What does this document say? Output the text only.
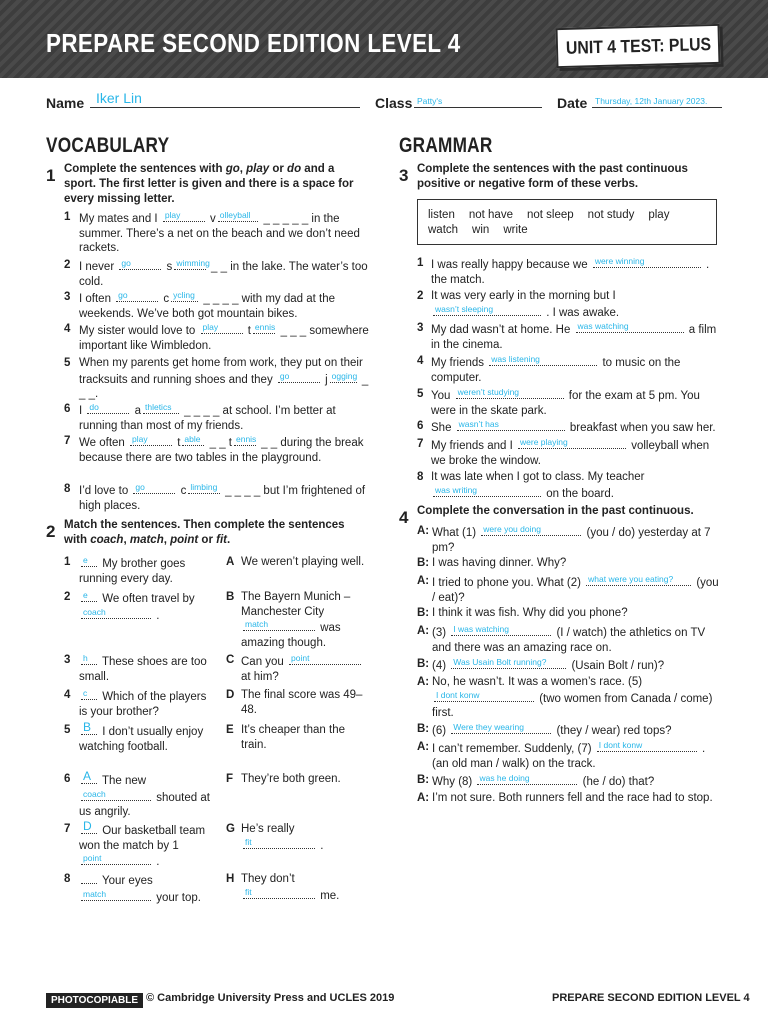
PREPARE SECOND EDITION LEVEL 4	UNIT 4 TEST: PLUS
Name Iker Lin	Class Patty's	Date Thursday, 12th January 2023.
VOCABULARY	GRAMMAR
1 Complete the sentences with go, play or do and a sport. The first letter is given and there is a space for every missing letter.
1 My mates and I play v olleyball _ _ _ _ _ in the summer. There’s a net on the beach and we don’t need rackets.
2 I never go	s wimming
_ _ in the lake. The water’s too cold.
3 I often go	c ycling _ _ _ _ with my dad at the weekends. We’ve both got mountain bikes.
4 My sister would love to play t ennis _ _ _ somewhere important like Wimbledon.
5 When my parents get home from work, they put on their tracksuits and running shoes and they go	j ogging _ _ _.
6 I do	a thletics _ _ _ _ at school. I’m better at running than most of my friends.
7 We often play t able _ _ t ennis _ _ during the break because there are two tables in the playground.
8 I’d love to go	c limbing _ _ _ _ but I’m frightened of high places.
2 Match the sentences. Then complete the sentences with coach, match, point or fit.
1 e My brother goes running every day.
2 e We often travel by

coach	.
3 h These shoes are too small.
4 c Which of the players is your brother?
5 B I don’t usually enjoy watching football.
6 A The new

coach	shouted at us angrily.
7 D Our basketball team won the match by 1

point	.
8	Your eyes

match	your top.
A We weren’t playing well.
B The Bayern Munich – Manchester City
match	was amazing though.
C Can you point
at him?
D The final score was 49–48.
E It’s cheaper than the train.
F They’re both green.
G He’s really
fit	.
H They don’t
fit	me.
3 Complete the sentences with the past continuous positive or negative form of these verbs.
listen not have not sleep not study playwatch win write
1 I was really happy because we were winning	. the match.
2 It was very early in the morning but I
wasn’t sleeping	. I was awake.
3 My dad wasn’t at home. He was watching	a film in the cinema.
4 My friends was listening	to music on the computer.
5 You weren’t studying	for the exam at 5 pm. You were in the skate park.
6 She wasn’t has	breakfast when you saw her.
7 My friends and I were playing	volleyball when we broke the window.
8 It was late when I got to class. My teacher
was writing	on the board.
4 Complete the conversation in the past continuous.
A: What (1) were you doing	(you / do) yesterday at 7 pm?
B: I was having dinner. Why?
A: I tried to phone you. What (2) what were you eating? (you / eat)?
B: I think it was fish. Why did you phone?
A: (3) I was watching	(I / watch) the athletics on TV and there was an amazing race on.
B: (4) Was Usain Bolt running? (Usain Bolt / run)?
A: No, he wasn’t. It was a women’s race. (5)
I dont konw	(two women from Canada / come) first.
B: (6) Were they wearing	(they / wear) red tops?
A: I can’t remember. Suddenly, (7) I dont konw	. (an old man / walk) on the track.
B: Why (8) was he doing	(he / do) that?
A: I’m not sure. Both runners fell and the race had to stop.
PHOTOCOPIABLE © Cambridge University Press and UCLES 2019	PREPARE SECOND EDITION LEVEL 4
